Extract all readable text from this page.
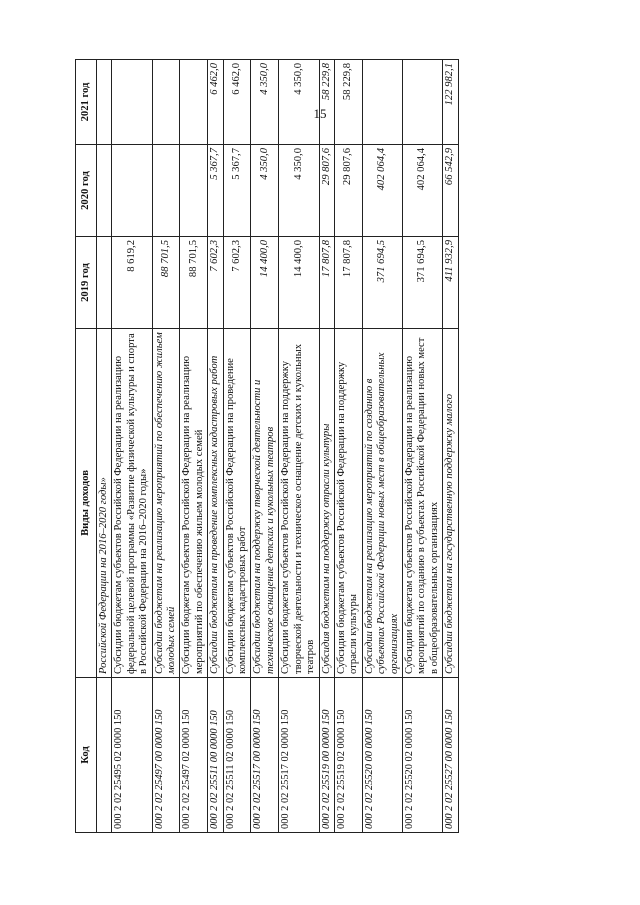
15
Код	Виды доходов	2019 год	2020 год	2021 год
	Российской Федерации на 2016–2020 годы»			
000 2 02 25495 02 0000 150	Субсидии бюджетам субъектов Российской Федерации на реализацию федеральной целевой программы «Развитие физической культуры и спорта в Российской Федерации на 2016–2020 годы»	8 619,2		
000 2 02 25497 00 0000 150	Субсидии бюджетам на реализацию мероприятий по обеспечению жильем молодых семей	88 701,5		
000 2 02 25497 02 0000 150	Субсидии бюджетам субъектов Российской Федерации на реализацию мероприятий по обеспечению жильем молодых семей	88 701,5		
000 2 02 25511 00 0000 150	Субсидии бюджетам на проведение комплексных кадастровых работ	7 602,3	5 367,7	6 462,0
000 2 02 25511 02 0000 150	Субсидии бюджетам субъектов Российской Федерации на проведение комплексных кадастровых работ	7 602,3	5 367,7	6 462,0
000 2 02 25517 00 0000 150	Субсидии бюджетам на поддержку творческой деятельности и техническое оснащение детских и кукольных театров	14 400,0	4 350,0	4 350,0
000 2 02 25517 02 0000 150	Субсидии бюджетам субъектов Российской Федерации на поддержку творческой деятельности и техническое оснащение детских и кукольных театров	14 400,0	4 350,0	4 350,0
000 2 02 25519 00 0000 150	Субсидия бюджетам на поддержку отрасли культуры	17 807,8	29 807,6	58 229,8
000 2 02 25519 02 0000 150	Субсидия бюджетам субъектов Российской Федерации на поддержку отрасли культуры	17 807,8	29 807,6	58 229,8
000 2 02 25520 00 0000 150	Субсидии бюджетам на реализацию мероприятий по созданию в субъектах Российской Федерации новых мест в общеобразовательных организациях	371 694,5	402 064,4	
000 2 02 25520 02 0000 150	Субсидии бюджетам субъектов Российской Федерации на реализацию мероприятий по созданию в субъектах Российской Федерации новых мест в общеобразовательных организациях	371 694,5	402 064,4	
000 2 02 25527 00 0000 150	Субсидии бюджетам на государственную поддержку малого	411 932,9	66 542,9	122 982,1
